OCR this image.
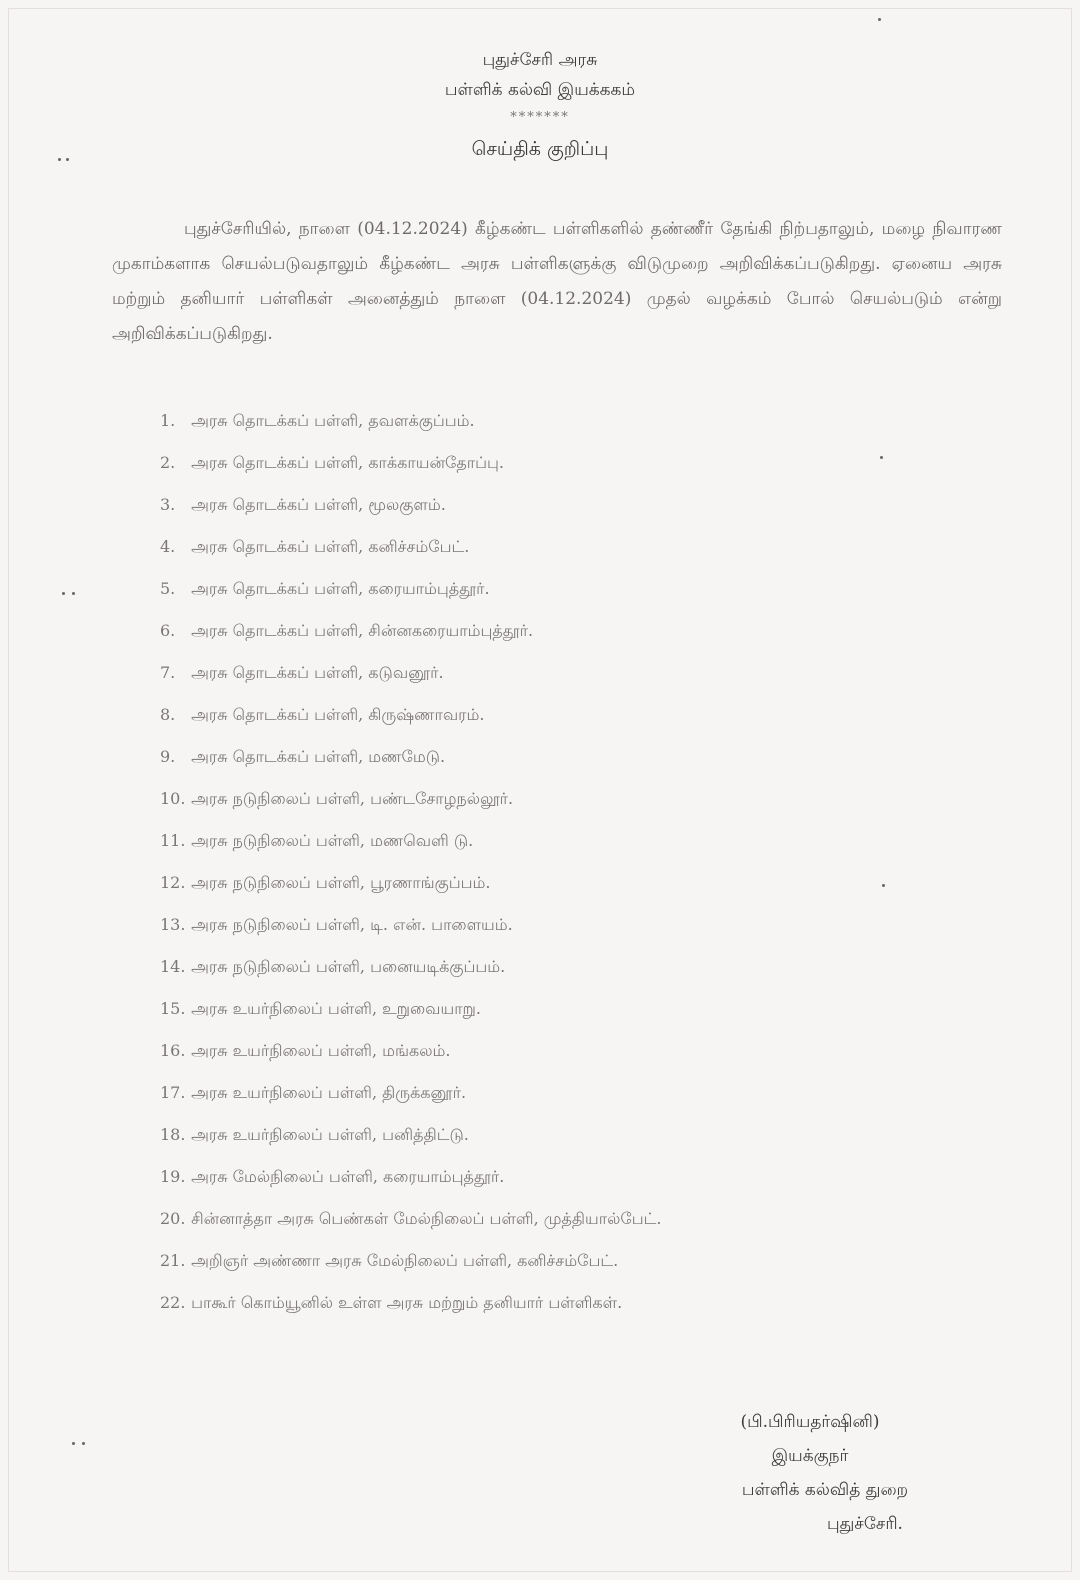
புதுச்சேரி அரசு
பள்ளிக் கல்வி இயக்ககம்
*******
செய்திக் குறிப்பு
புதுச்சேரியில், நாளை (04.12.2024) கீழ்கண்ட பள்ளிகளில் தண்ணீர் தேங்கி நிற்பதாலும், மழை நிவாரண முகாம்களாக செயல்படுவதாலும் கீழ்கண்ட அரசு பள்ளிகளுக்கு விடுமுறை அறிவிக்கப்படுகிறது. ஏனைய அரசு மற்றும் தனியார் பள்ளிகள் அனைத்தும் நாளை (04.12.2024) முதல் வழக்கம் போல் செயல்படும் என்று அறிவிக்கப்படுகிறது.
1. அரசு தொடக்கப் பள்ளி, தவளக்குப்பம்.
2. அரசு தொடக்கப் பள்ளி, காக்காயன்தோப்பு.
3. அரசு தொடக்கப் பள்ளி, மூலகுளம்.
4. அரசு தொடக்கப் பள்ளி, கனிச்சம்பேட்.
5. அரசு தொடக்கப் பள்ளி, கரையாம்புத்தூர்.
6. அரசு தொடக்கப் பள்ளி, சின்னகரையாம்புத்தூர்.
7. அரசு தொடக்கப் பள்ளி, கடுவனூர்.
8. அரசு தொடக்கப் பள்ளி, கிருஷ்ணாவரம்.
9. அரசு தொடக்கப் பள்ளி, மணமேடு.
10. அரசு நடுநிலைப் பள்ளி, பண்டசோழநல்லூர்.
11. அரசு நடுநிலைப் பள்ளி, மணவெளி டு.
12. அரசு நடுநிலைப் பள்ளி, பூரணாங்குப்பம்.
13. அரசு நடுநிலைப் பள்ளி, டி. என். பாளையம்.
14. அரசு நடுநிலைப் பள்ளி, பனையடிக்குப்பம்.
15. அரசு உயர்நிலைப் பள்ளி, உறுவையாறு.
16. அரசு உயர்நிலைப் பள்ளி, மங்கலம்.
17. அரசு உயர்நிலைப் பள்ளி, திருக்கனூர்.
18. அரசு உயர்நிலைப் பள்ளி, பனித்திட்டு.
19. அரசு மேல்நிலைப் பள்ளி, கரையாம்புத்தூர்.
20. சின்னாத்தா அரசு பெண்கள் மேல்நிலைப் பள்ளி, முத்தியால்பேட்.
21. அறிஞர் அண்ணா அரசு மேல்நிலைப் பள்ளி, கனிச்சம்பேட்.
22. பாகூர் கொம்யூனில் உள்ள அரசு மற்றும் தனியார் பள்ளிகள்.
(பி.பிரியதர்ஷினி)
இயக்குநர்
பள்ளிக் கல்வித் துறை
புதுச்சேரி.
